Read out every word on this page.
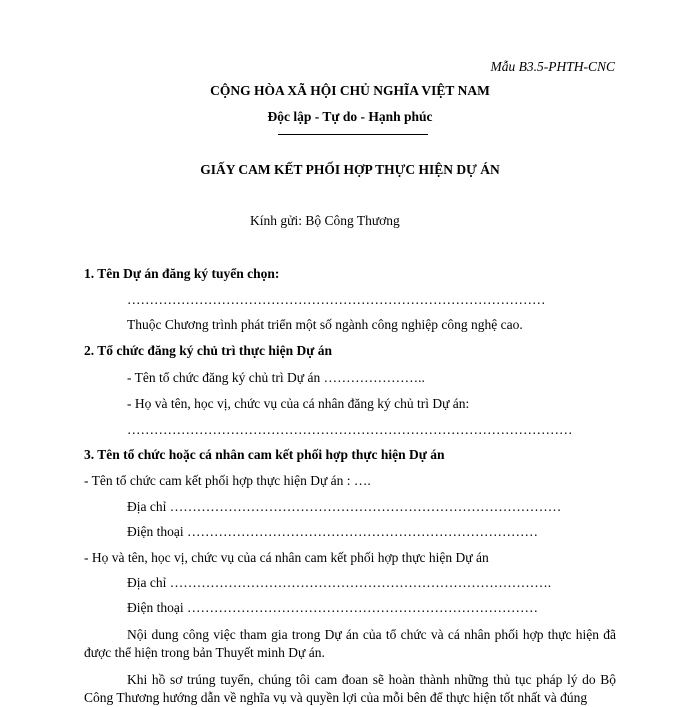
Mẫu B3.5-PHTH-CNC
CỘNG HÒA XÃ HỘI CHỦ NGHĨA VIỆT NAM
Độc lập - Tự do - Hạnh phúc
GIẤY CAM KẾT PHỐI HỢP THỰC HIỆN DỰ ÁN
Kính gửi: Bộ Công Thương
1. Tên Dự án đăng ký tuyển chọn:
…………………………………………………………………………………
Thuộc Chương trình phát triển một số ngành công nghiệp công nghệ cao.
2. Tổ chức đăng ký chủ trì thực hiện Dự án
- Tên tổ chức đăng ký chủ trì Dự án …………………..
- Họ và tên, học vị, chức vụ của cá nhân đăng ký chủ trì Dự án:
………………………………………………………………………………………
3. Tên tổ chức hoặc cá nhân cam kết phối hợp thực hiện Dự án
- Tên tổ chức cam kết phối hợp thực hiện Dự án : ….
Địa chỉ ……………………………………………………………………………
Điện thoại ……………………………………………………………………
- Họ và tên, học vị, chức vụ của cá nhân cam kết phối hợp thực hiện Dự án
Địa chỉ ………………………………………………………………………….
Điện thoại ……………………………………………………………………
Nội dung công việc tham gia trong Dự án của tổ chức và cá nhân phối hợp thực hiện đã được thể hiện trong bản Thuyết minh Dự án.
Khi hồ sơ trúng tuyển, chúng tôi cam đoan sẽ hoàn thành những thủ tục pháp lý do Bộ Công Thương hướng dẫn về nghĩa vụ và quyền lợi của mỗi bên để thực hiện tốt nhất và đúng
